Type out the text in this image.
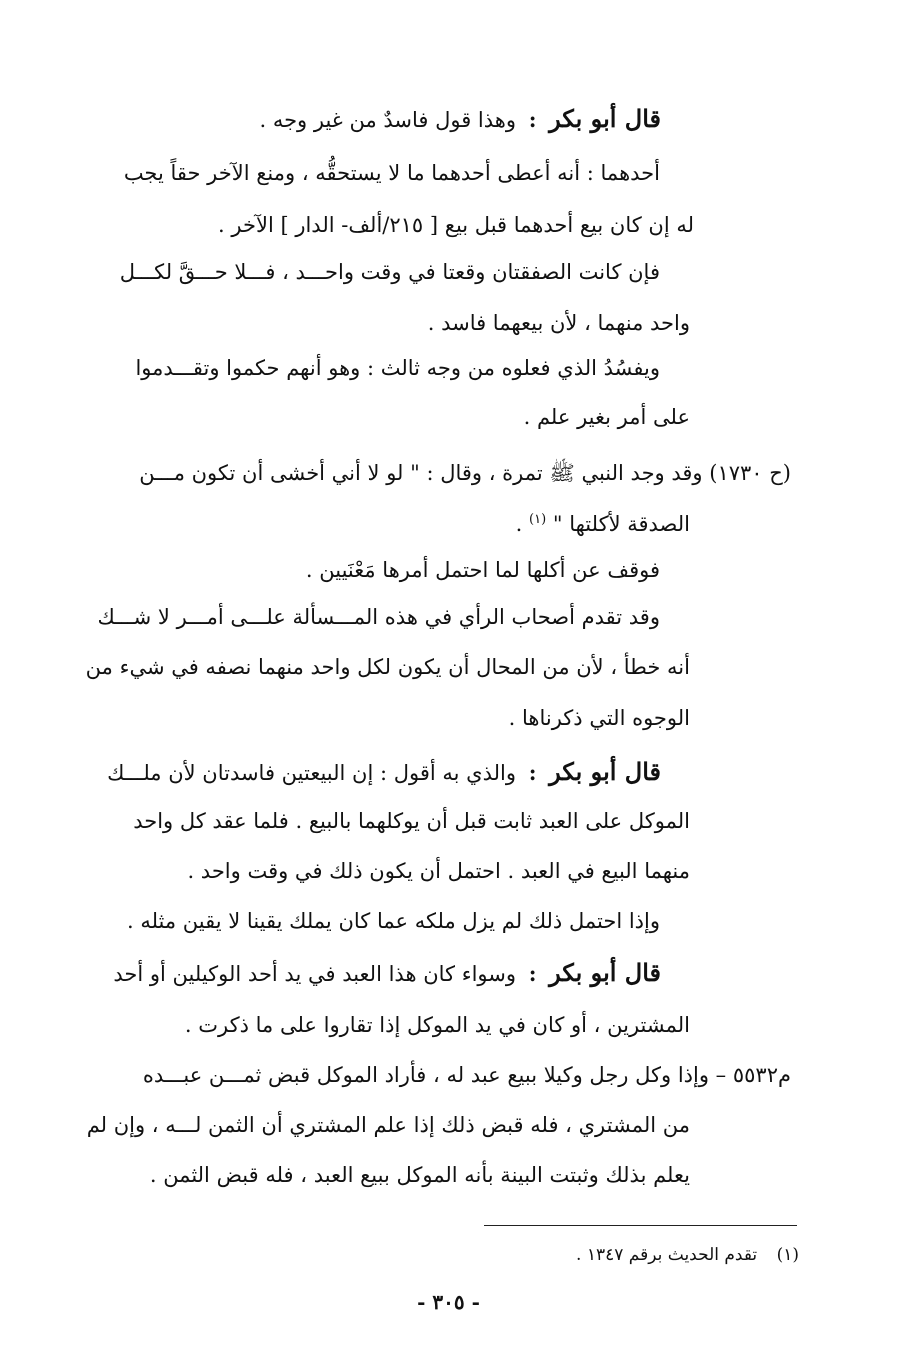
قال أبو بكر : وهذا قول فاسدٌ من غير وجه .
أحدهما : أنه أعطى أحدهما ما لا يستحقُّه ، ومنع الآخر حقاً يجب
له إن كان بيع أحدهما قبل بيع [ ٢١٥/ألف- الدار ] الآخر .
فإن كانت الصفقتان وقعتا في وقت واحـــد ، فـــلا حـــقَّ لكـــل
واحد منهما ، لأن بيعهما فاسد .
ويفسُدُ الذي فعلوه من وجه ثالث : وهو أنهم حكموا وتقـــدموا
على أمر بغير علم .
(ح ١٧٣٠) وقد وجد النبي ﷺ تمرة ، وقال : " لو لا أني أخشى أن تكون مـــن
الصدقة لأكلتها " $^{(١)}$ .
فوقف عن أكلها لما احتمل أمرها مَعْنَيين .
وقد تقدم أصحاب الرأي في هذه المـــسألة علـــى أمـــر لا شـــك
أنه خطأ ، لأن من المحال أن يكون لكل واحد منهما نصفه في شيء من
الوجوه التي ذكرناها .
قال أبو بكر : والذي به أقول : إن البيعتين فاسدتان لأن ملـــك
الموكل على العبد ثابت قبل أن يوكلهما بالبيع . فلما عقد كل واحد
منهما البيع في العبد . احتمل أن يكون ذلك في وقت واحد .
وإذا احتمل ذلك لم يزل ملكه عما كان يملك يقينا لا يقين مثله .
قال أبو بكر : وسواء كان هذا العبد في يد أحد الوكيلين أو أحد
المشترين ، أو كان في يد الموكل إذا تقاروا على ما ذكرت .
م٥٥٣٢ – وإذا وكل رجل وكيلا ببيع عبد له ، فأراد الموكل قبض ثمـــن عبـــده
من المشتري ، فله قبض ذلك إذا علم المشتري أن الثمن لـــه ، وإن لم
يعلم بذلك وثبتت البينة بأنه الموكل ببيع العبد ، فله قبض الثمن .
(١) تقدم الحديث برقم ١٣٤٧ .
- ٣٠٥ -
